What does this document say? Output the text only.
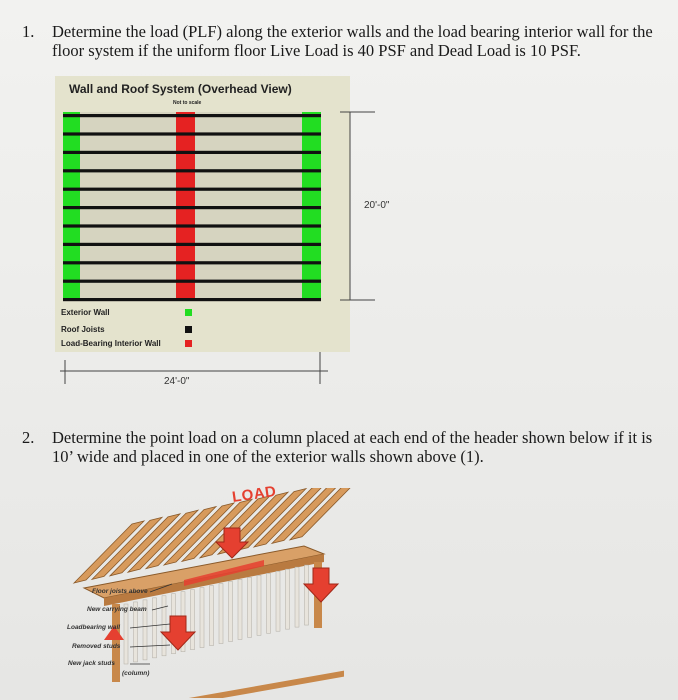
1. Determine the load (PLF) along the exterior walls and the load bearing interior wall for the floor system if the uniform floor Live Load is 40 PSF and Dead Load is 10 PSF.
Wall and Roof System (Overhead View)
Not to scale
Exterior Wall
Roof Joists
Load-Bearing Interior Wall
20'-0"
24'-0"
2. Determine the point load on a column placed at each end of the header shown below if it is 10’ wide and placed in one of the exterior walls shown above (1).
LOAD
Floor joists above
New carrying beam
Loadbearing wall
Removed studs
New jack studs
(column)
